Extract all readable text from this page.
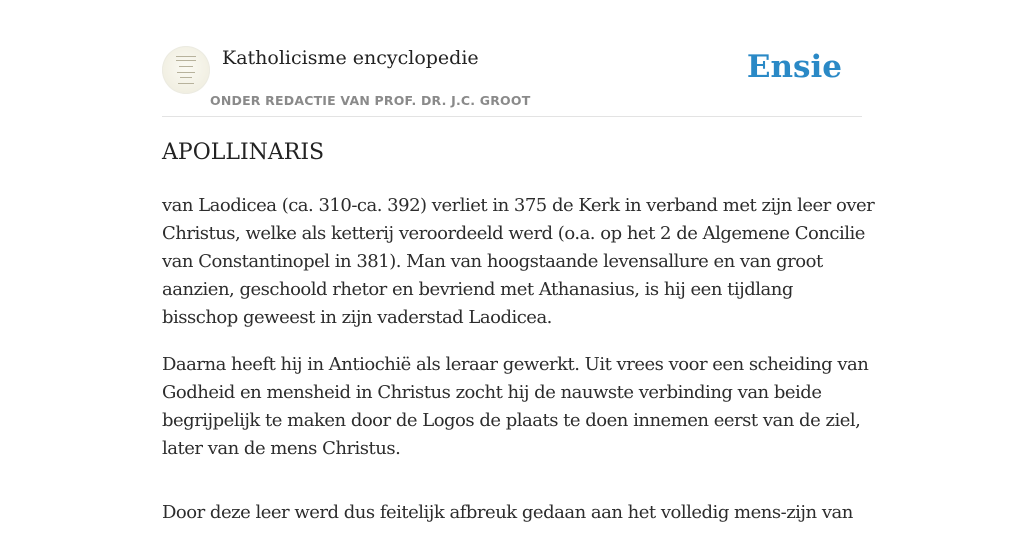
Katholicisme encyclopedie
ONDER REDACTIE VAN PROF. DR. J.C. GROOT
Ensie
APOLLINARIS

van Laodicea (ca. 310-ca. 392) verliet in 375 de Kerk in verband met zijn leer over
Christus, welke als ketterij veroordeeld werd (o.a. op het 2 de Algemene Concilie
van Constantinopel in 381). Man van hoogstaande levensallure en van groot
aanzien, geschoold rhetor en bevriend met Athanasius, is hij een tijdlang
bisschop geweest in zijn vaderstad Laodicea.

Daarna heeft hij in Antiochië als leraar gewerkt. Uit vrees voor een scheiding van
Godheid en mensheid in Christus zocht hij de nauwste verbinding van beide
begrijpelijk te maken door de Logos de plaats te doen innemen eerst van de ziel,
later van de mens Christus.

Door deze leer werd dus feitelijk afbreuk gedaan aan het volledig mens-zijn van
